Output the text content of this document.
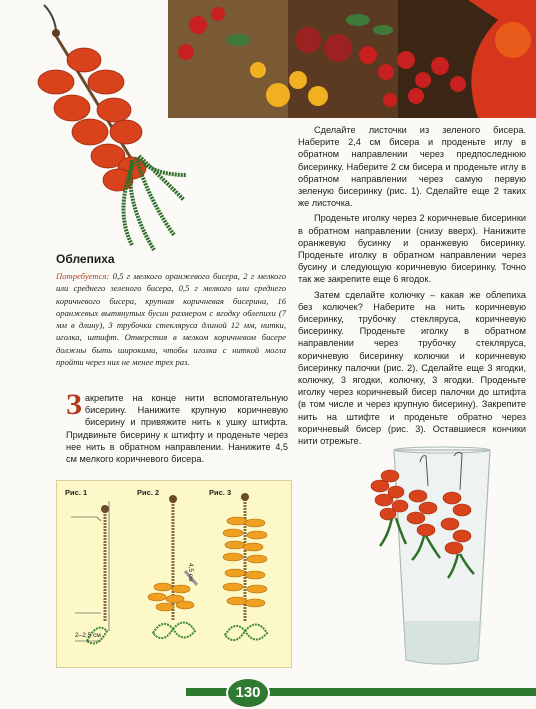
Облепиха
Потребуется: 0,5 г мелкого оранжевого бисера, 2 г мелкого или среднего зеленого бисера, 0,5 г мелкого или среднего коричневого бисера, крупная коричневая бисерина, 16 оранжевых вытянутых бусин размером с ягодку облепихи (7 мм в длину), 3 трубочки стекляруса длиной 12 мм, нитки, иголка, штифт. Отверстия в мелком коричневом бисере должны быть широкими, чтобы иголка с ниткой могла пройти через них не менее трех раз.
Закрепите на конце нити вспомогательную бисерину. Нанижите крупную коричневую бисерину и привяжите нить к ушку штифта. Придвиньте бисерину к штифту и проденьте через нее нить в обратном направлении. Нанижите 4,5 см мелкого коричневого бисера.

Сделайте листочки из зеленого бисера. Наберите 2,4 см бисера и проденьте иглу в обратном направлении через предпоследнюю бисеринку. Наберите 2 см бисера и проденьте иглу в обратном направлении через самую первую зеленую бисеринку (рис. 1). Сделайте еще 2 таких же листочка.

Проденьте иголку через 2 коричневые бисеринки в обратном направлении (снизу вверх). Нанижите оранжевую бусинку и оранжевую бисеринку. Проденьте иголку в обратном направлении через бусину и следующую коричневую бисеринку. Точно так же закрепите еще 6 ягодок.

Затем сделайте колючку – какая же облепиха без колючек? Наберите на нить коричневую бисеринку, трубочку стекляруса, коричневую бисеринку. Проденьте иголку в обратном направлении через трубочку стекляруса, коричневую бисеринку колючки и коричневую бисеринку палочки (рис. 2). Сделайте еще 3 ягодки, колючку, 3 ягодки, колючку, 3 ягодки. Проденьте иголку через коричневый бисер палочки до штифта (в том числе и через крупную бисерину). Закрепите нить на штифте и проденьте обратно через коричневый бисер (рис. 3). Оставшиеся кончики нити отрежьте.

Рис. 1	Рис. 2	Рис. 3
2–2,5 см
4,5 см
130
